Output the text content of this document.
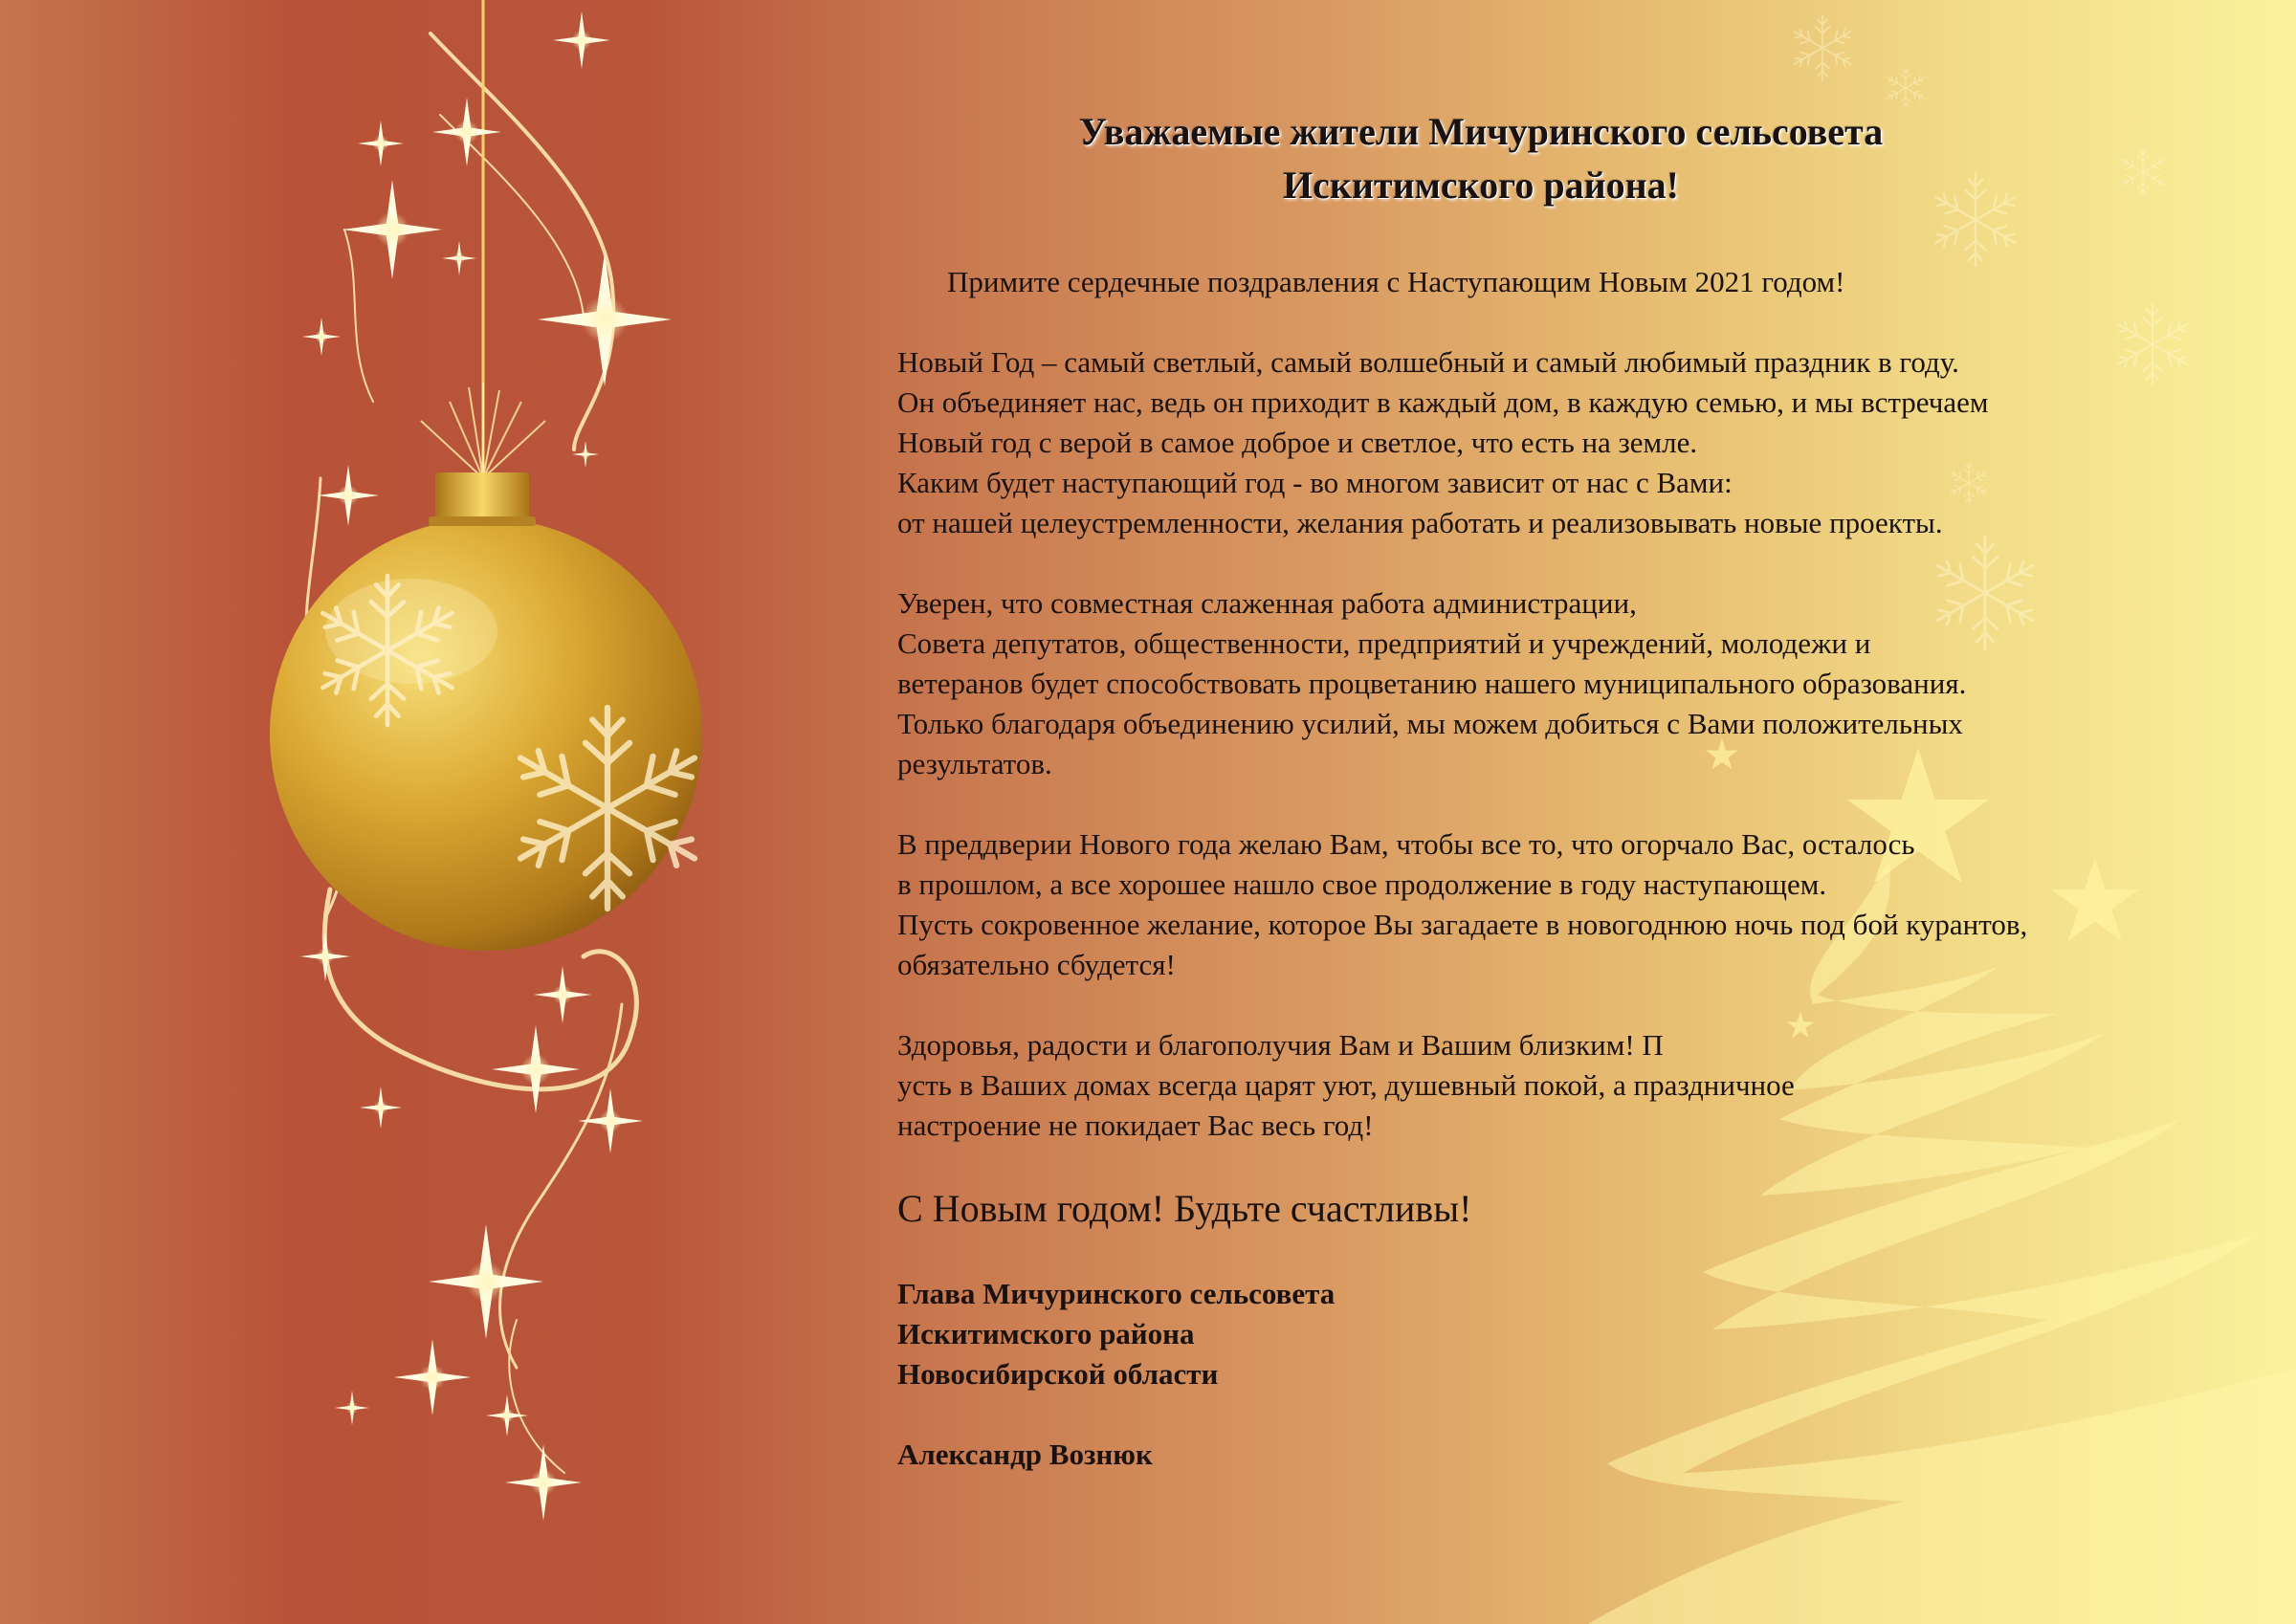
Уважаемые жители Мичуринского сельсовета
Искитимского района!
Примите сердечные поздравления с Наступающим Новым 2021 годом!
Новый Год – самый светлый, самый волшебный и самый любимый праздник в году.
Он объединяет нас, ведь он приходит в каждый дом, в каждую семью, и мы встречаем
Новый год с верой в самое доброе и светлое, что есть на земле.
Каким будет наступающий год - во многом зависит от нас с Вами:
от нашей целеустремленности, желания работать и реализовывать новые проекты.
Уверен, что совместная слаженная работа администрации,
Совета депутатов, общественности, предприятий и учреждений, молодежи и
ветеранов будет способствовать процветанию нашего муниципального образования.
Только благодаря объединению усилий, мы можем добиться с Вами положительных
результатов.
В преддверии Нового года желаю Вам, чтобы все то, что огорчало Вас, осталось
в прошлом, а все хорошее нашло свое продолжение в году наступающем.
Пусть сокровенное желание, которое Вы загадаете в новогоднюю ночь под бой курантов,
обязательно сбудется!
Здоровья, радости и благополучия Вам и Вашим близким! П
усть в Ваших домах всегда царят уют, душевный покой, а праздничное
настроение не покидает Вас весь год!
С Новым годом! Будьте счастливы!
Глава Мичуринского сельсовета
Искитимского района
Новосибирской области
Александр Вознюк
